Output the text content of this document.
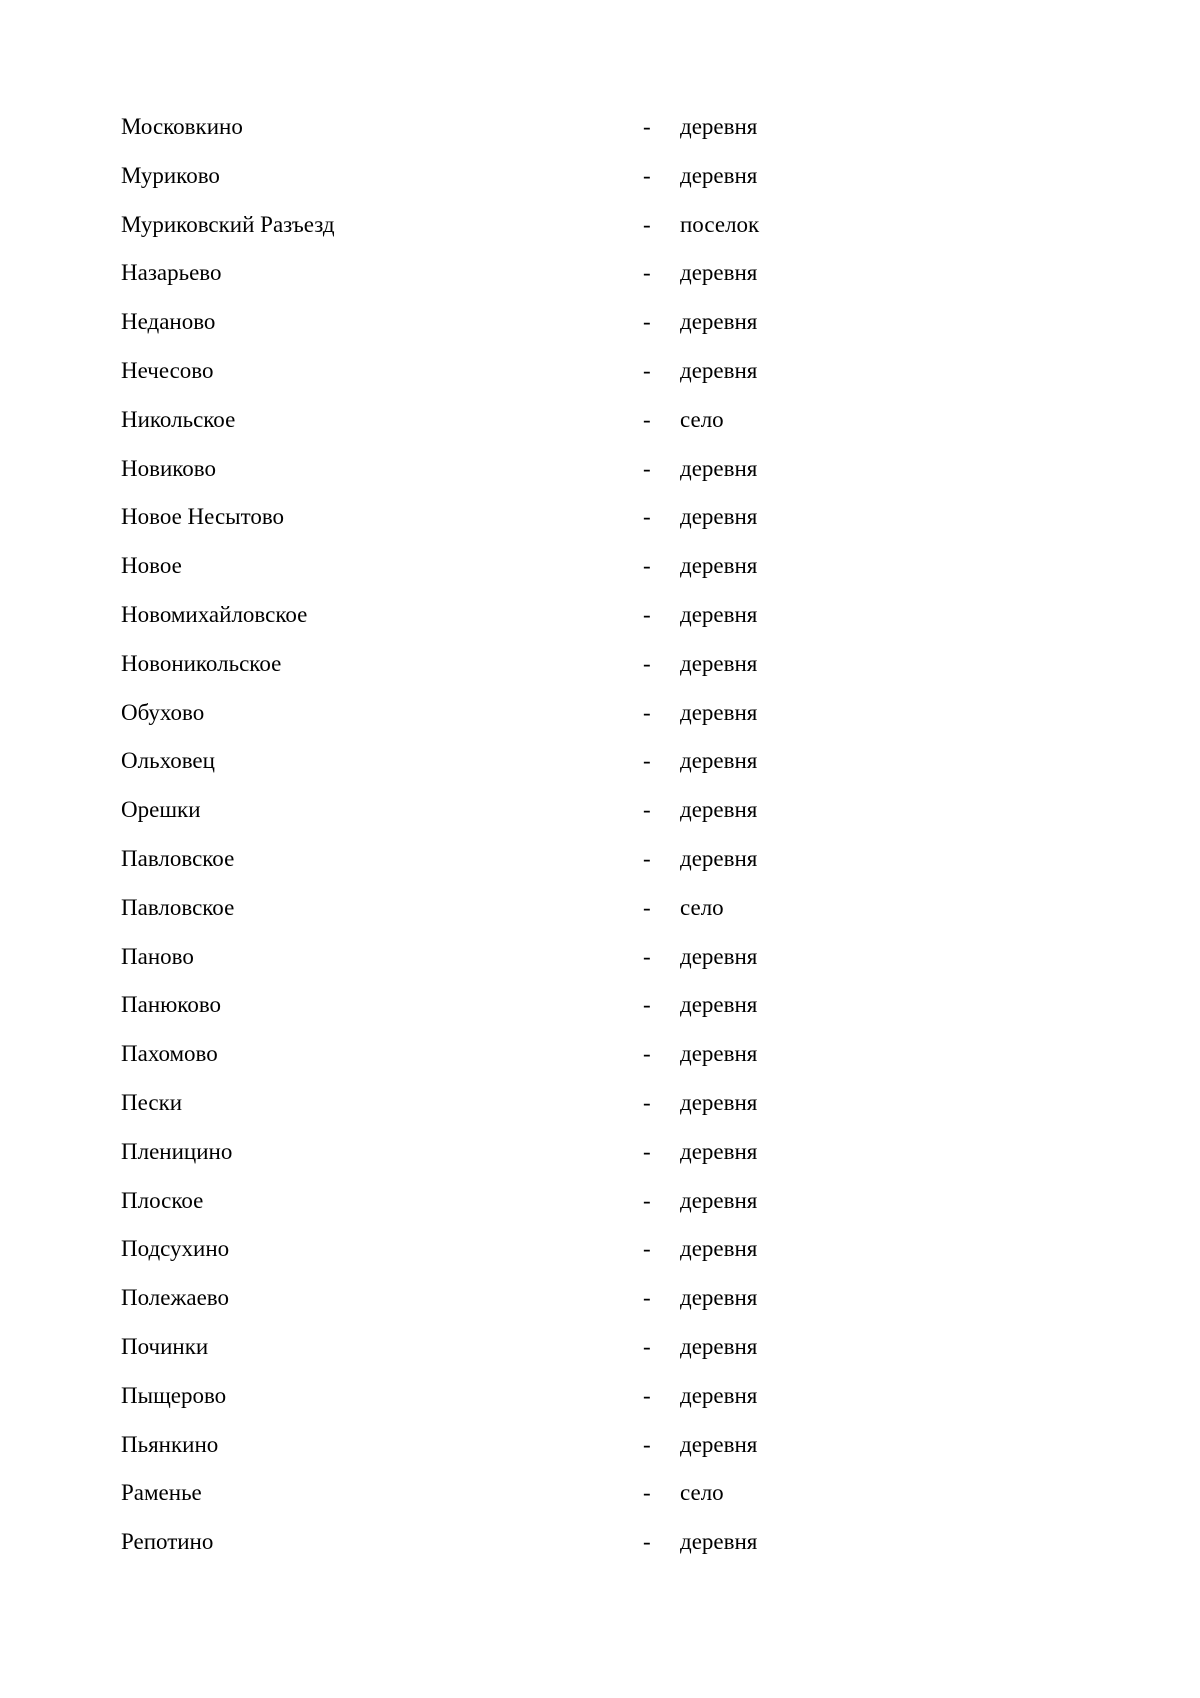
Московкино	- деревня
Муриково	- деревня
Муриковский Разъезд	- поселок
Назарьево	- деревня
Неданово	- деревня
Нечесово	- деревня
Никольское	- село
Новиково	- деревня
Новое Несытово	- деревня
Новое	- деревня
Новомихайловское	- деревня
Новоникольское	- деревня
Обухово	- деревня
Ольховец	- деревня
Орешки	- деревня
Павловское	- деревня
Павловское	- село
Паново	- деревня
Панюково	- деревня
Пахомово	- деревня
Пески	- деревня
Пленицино	- деревня
Плоское	- деревня
Подсухино	- деревня
Полежаево	- деревня
Починки	- деревня
Пыщерово	- деревня
Пьянкино	- деревня
Раменье	- село
Репотино	- деревня
